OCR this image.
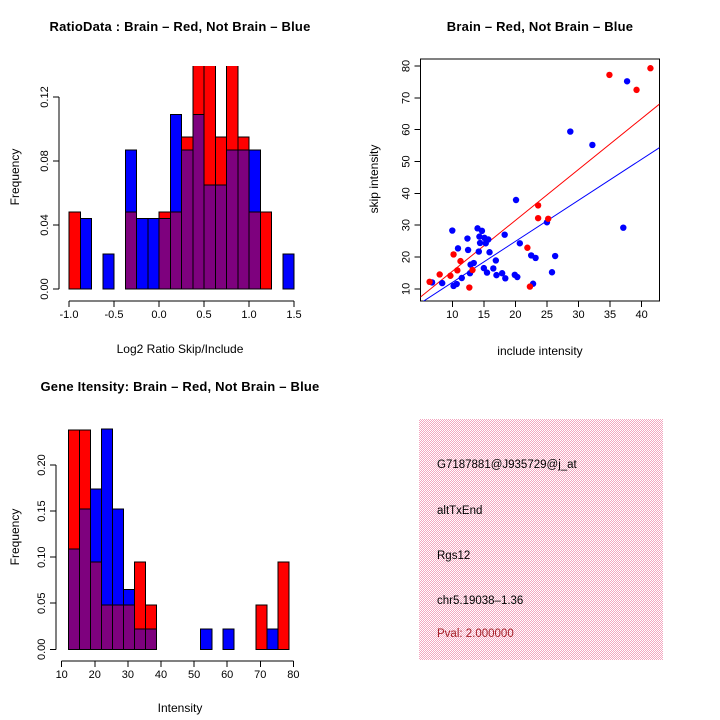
0.00
0.04
0.08
0.12
-1.0 -0.5	0.0	0.5	1.0	1.5
RatioData : Brain – Red, Not Brain – Blue
Frequency
Log2 Ratio Skip/Include
10 15 20 25 30 35 40
10
20
30
40
50
60
70
80
Brain – Red, Not Brain – Blue
skip intensity
include intensity
0.00
0.05
0.10
0.15
0.20
10 20 30 40 50 60 70 80
Gene Itensity: Brain – Red, Not Brain – Blue
Frequency
Intensity
G7187881@J935729@j_at
altTxEnd
Rgs12
chr5.19038–1.36
Pval: 2.000000
